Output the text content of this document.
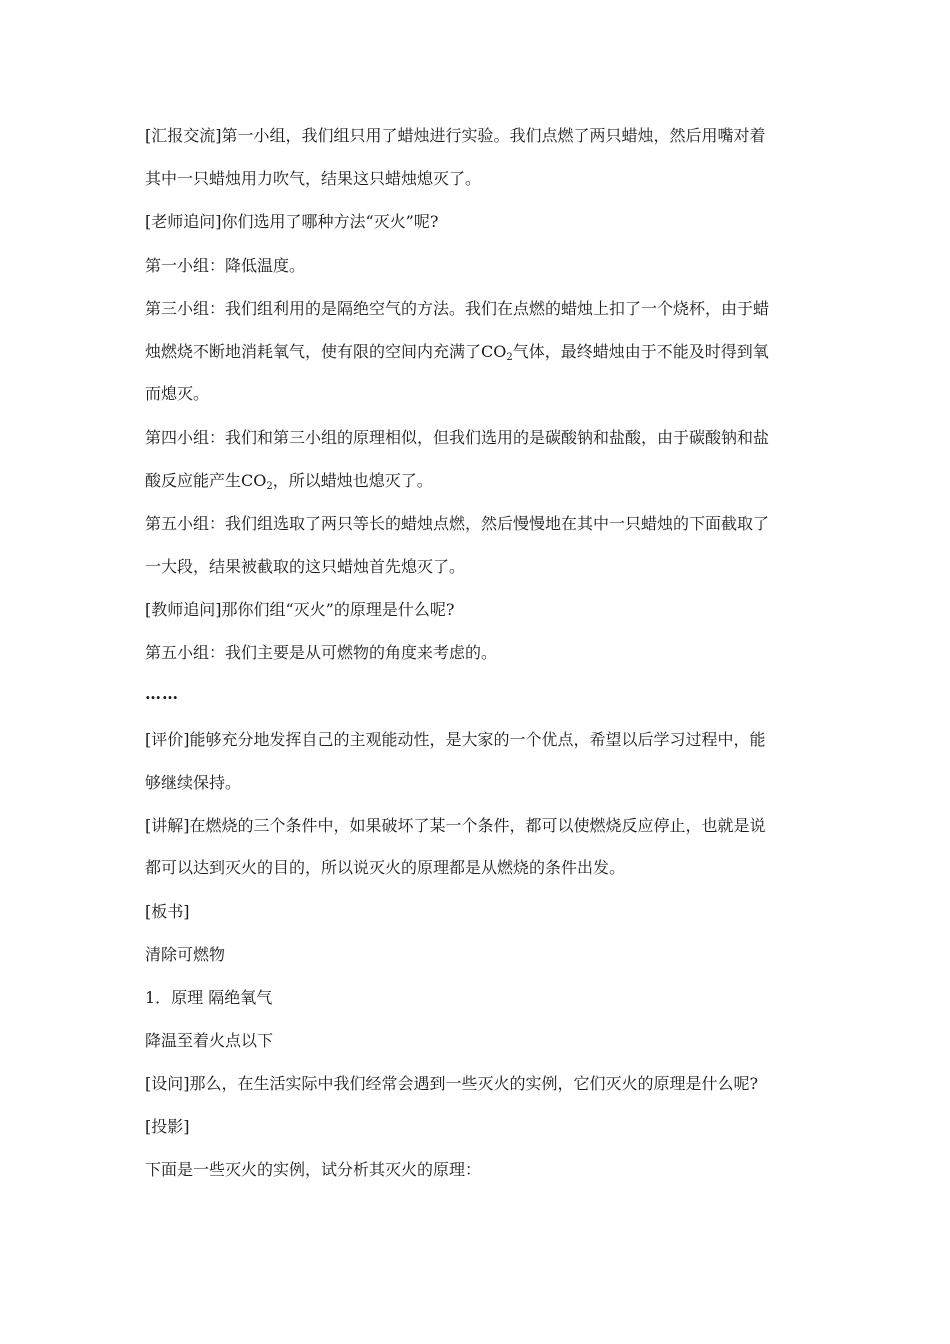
[汇报交流]第一小组，我们组只用了蜡烛进行实验。我们点燃了两只蜡烛，然后用嘴对着
其中一只蜡烛用力吹气，结果这只蜡烛熄灭了。
[老师追问]你们选用了哪种方法“灭火”呢?
第一小组：降低温度。
第三小组：我们组利用的是隔绝空气的方法。我们在点燃的蜡烛上扣了一个烧杯，由于蜡
烛燃烧不断地消耗氧气，使有限的空间内充满了$CO_2$气体，最终蜡烛由于不能及时得到氧
而熄灭。
第四小组：我们和第三小组的原理相似，但我们选用的是碳酸钠和盐酸，由于碳酸钠和盐
酸反应能产生$CO_2$，所以蜡烛也熄灭了。
第五小组：我们组选取了两只等长的蜡烛点燃，然后慢慢地在其中一只蜡烛的下面截取了
一大段，结果被截取的这只蜡烛首先熄灭了。
[教师追问]那你们组“灭火”的原理是什么呢?
第五小组：我们主要是从可燃物的角度来考虑的。
……
[评价]能够充分地发挥自己的主观能动性，是大家的一个优点，希望以后学习过程中，能
够继续保持。
[讲解]在燃烧的三个条件中，如果破坏了某一个条件，都可以使燃烧反应停止，也就是说
都可以达到灭火的目的，所以说灭火的原理都是从燃烧的条件出发。
[板书]
清除可燃物
1．原理 隔绝氧气
降温至着火点以下
[设问]那么，在生活实际中我们经常会遇到一些灭火的实例，它们灭火的原理是什么呢?
[投影]
下面是一些灭火的实例，试分析其灭火的原理：
